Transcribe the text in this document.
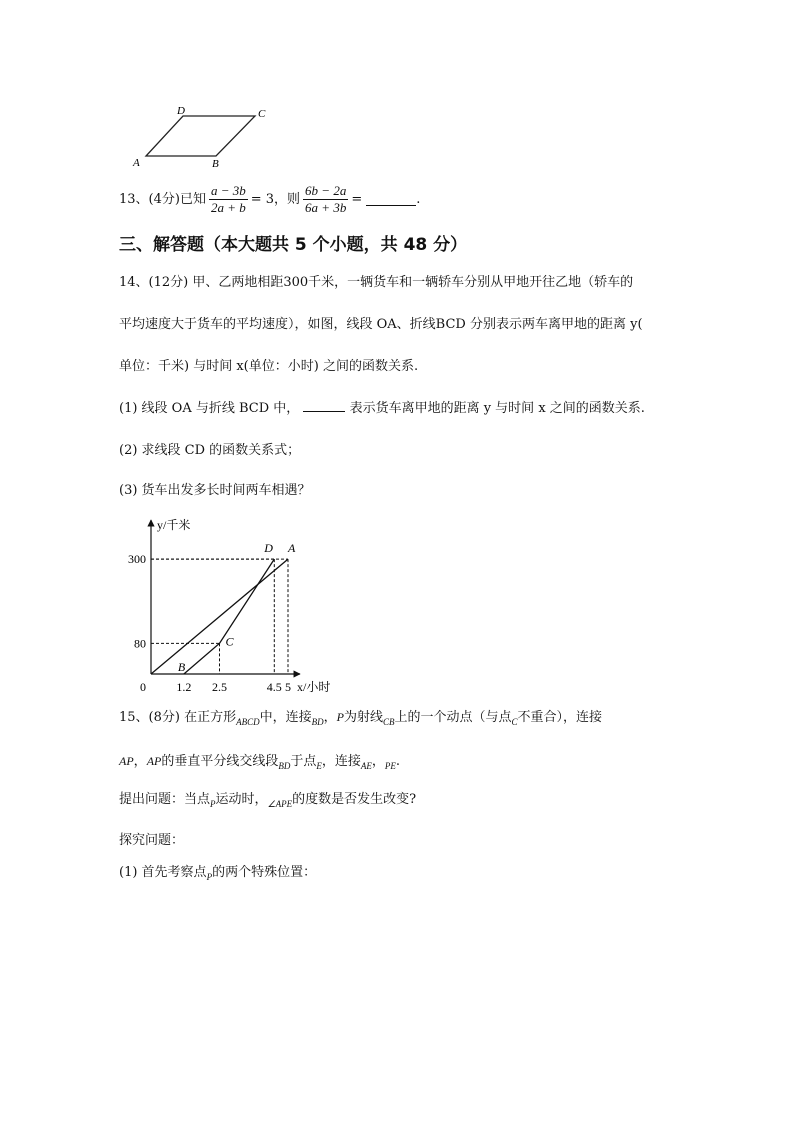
A	B
C
D
13、(4分)已知 $\frac{a - 3b}{2a + b} = 3$，则 $\frac{6b - 2a}{6a + 3b}$ =	.
三、解答题（本大题共 5 个小题，共 48 分）
14、(12分) 甲、乙两地相距300千米，一辆货车和一辆轿车分别从甲地开往乙地（轿车的
平均速度大于货车的平均速度），如图，线段 OA、折线BCD 分别表示两车离甲地的距离 y(
单位：千米) 与时间 x(单位：小时) 之间的函数关系.
(1) 线段 OA 与折线 BCD 中，	表示货车离甲地的距离 y 与时间 x 之间的函数关系.
(2) 求线段 CD 的函数关系式；
(3) 货车出发多长时间两车相遇？
y/千米
x/小时
0	1.2 2.5	4.5 5
80
300
A
D
C
B
15、(8分) 在正方形$_{ABCD}$中，连接$_{BD}$，P为射线$_{CB}$上的一个动点（与点$_C$不重合），连接
AP，AP的垂直平分线交线段$_{BD}$于点$_E$，连接$_{AE}$，$_{PE}$.
提出问题：当点$_P$运动时，$_{\angle APE}$的度数是否发生改变?
探究问题：
(1) 首先考察点$_P$的两个特殊位置：
